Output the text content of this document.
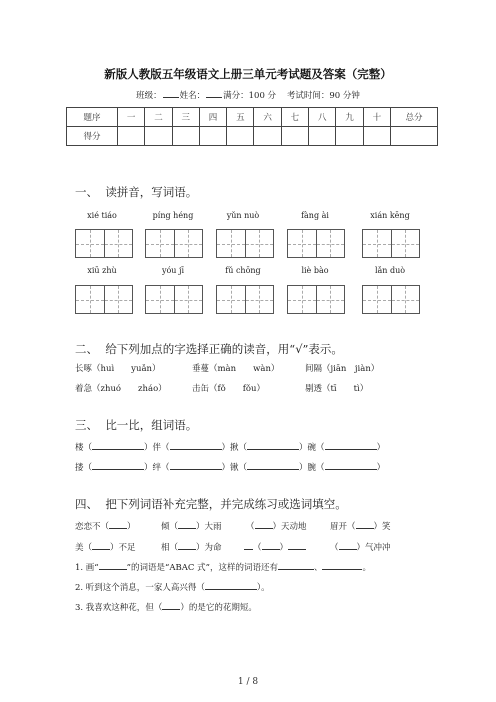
新版人教版五年级语文上册三单元考试题及答案（完整）
班级： 姓名： 满分：100 分 考试时间：90 分钟
题序	一	二	三	四	五	六	七	八	九	十	总分
得分											
一、 读拼音，写词语。
xié tiáo	píng héng	yǔn nuò	fàng ài	xián kēng
xiū zhù	yóu jī	fǔ chōng	liè bào	lǎn duò
二、 给下列加点的字选择正确的读音，用“√”表示。
长啄（huì　　yuǎn）	垂蔓（màn　　wàn）	间隔（jiān　jiàn）
着急（zhuó　　zháo）	击缶（fǒ　　fǒu）	剔透（tī　　tì）
三、 比一比，组词语。
楼（	）伴（	）揪（	）碗（	）
搂（	）绊（	）锹（	）腕（	）
四、 把下列词语补充完整，并完成练习或选词填空。
恋恋不（ ）	倾（ ）大雨	（ ）天动地	眉开（ ）笑
美（ ）不足	相（ ）为命	（ ）	（ ）气冲冲
1. 画“	”的词语是“ABAC 式”，这样的词语还有	、	。
2. 听到这个消息，一家人高兴得（	）。
3. 我喜欢这种花，但（ ）的是它的花期短。
1 / 8
